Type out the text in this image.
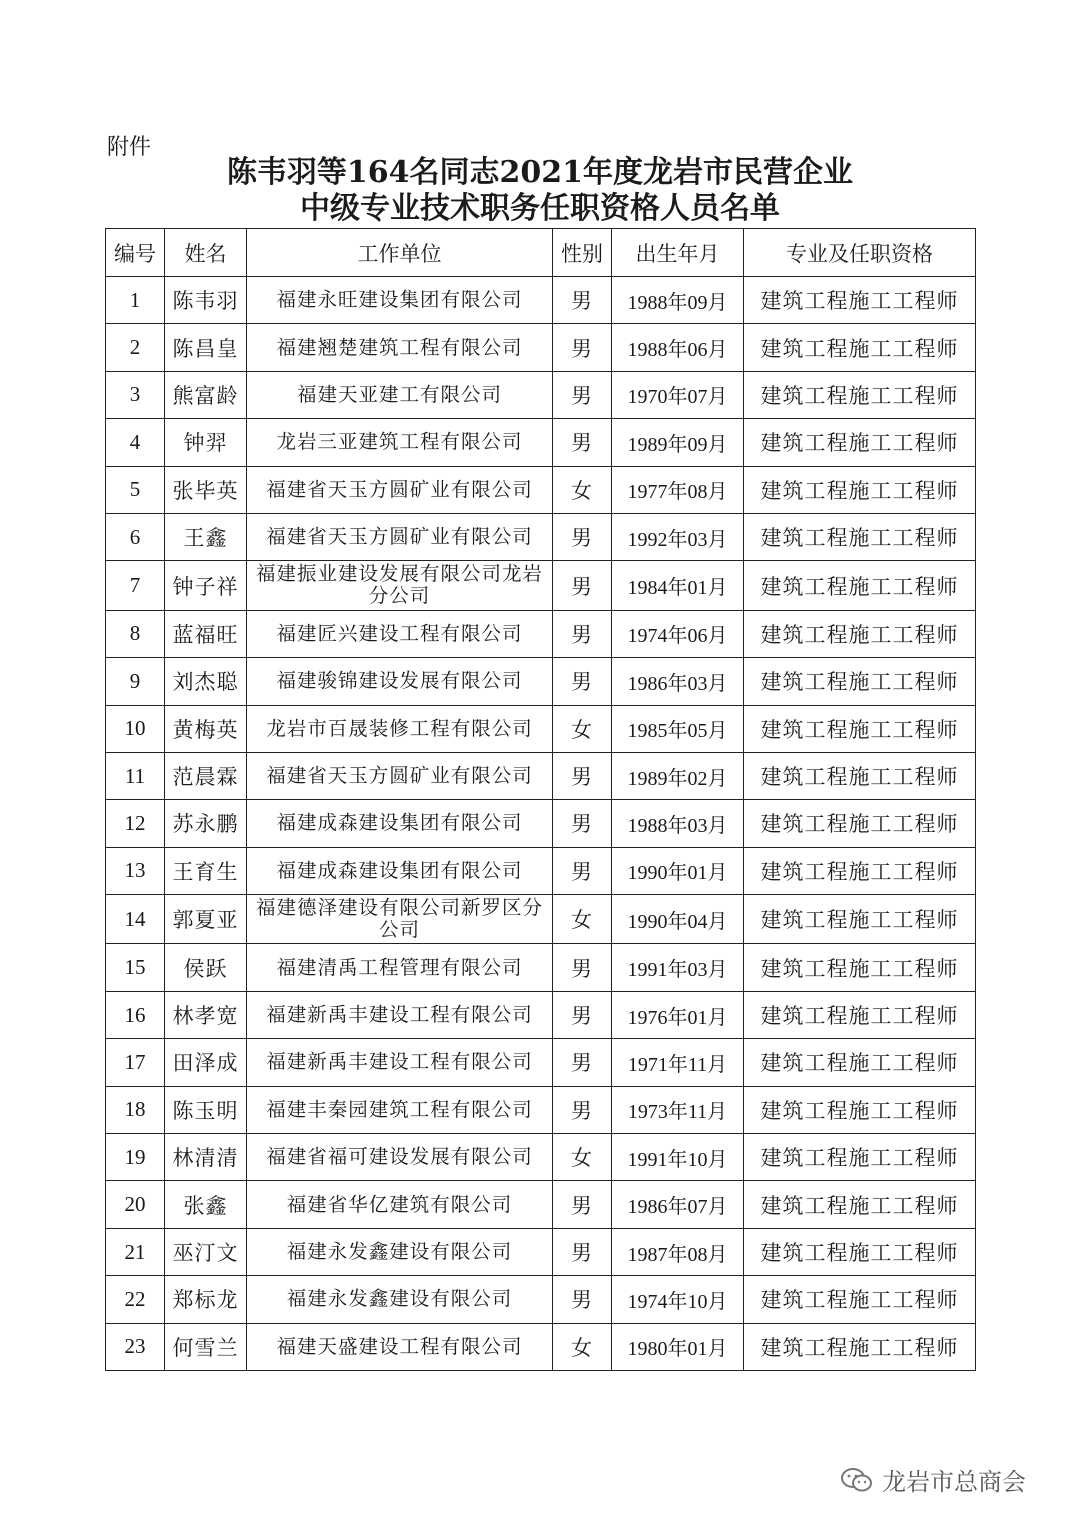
附件
陈韦羽等164名同志2021年度龙岩市民营企业
中级专业技术职务任职资格人员名单
编号	姓名	工作单位	性别	出生年月	专业及任职资格
1	陈韦羽	福建永旺建设集团有限公司	男	1988年09月	建筑工程施工工程师
2	陈昌皇	福建翘楚建筑工程有限公司	男	1988年06月	建筑工程施工工程师
3	熊富龄	福建天亚建工有限公司	男	1970年07月	建筑工程施工工程师
4	钟羿	龙岩三亚建筑工程有限公司	男	1989年09月	建筑工程施工工程师
5	张毕英	福建省天玉方圆矿业有限公司	女	1977年08月	建筑工程施工工程师
6	王鑫	福建省天玉方圆矿业有限公司	男	1992年03月	建筑工程施工工程师
7	钟子祥	福建振业建设发展有限公司龙岩分公司	男	1984年01月	建筑工程施工工程师
8	蓝福旺	福建匠兴建设工程有限公司	男	1974年06月	建筑工程施工工程师
9	刘杰聪	福建骏锦建设发展有限公司	男	1986年03月	建筑工程施工工程师
10	黄梅英	龙岩市百晟装修工程有限公司	女	1985年05月	建筑工程施工工程师
11	范晨霖	福建省天玉方圆矿业有限公司	男	1989年02月	建筑工程施工工程师
12	苏永鹏	福建成森建设集团有限公司	男	1988年03月	建筑工程施工工程师
13	王育生	福建成森建设集团有限公司	男	1990年01月	建筑工程施工工程师
14	郭夏亚	福建德泽建设有限公司新罗区分公司	女	1990年04月	建筑工程施工工程师
15	侯跃	福建清禹工程管理有限公司	男	1991年03月	建筑工程施工工程师
16	林孝宽	福建新禹丰建设工程有限公司	男	1976年01月	建筑工程施工工程师
17	田泽成	福建新禹丰建设工程有限公司	男	1971年11月	建筑工程施工工程师
18	陈玉明	福建丰秦园建筑工程有限公司	男	1973年11月	建筑工程施工工程师
19	林清清	福建省福可建设发展有限公司	女	1991年10月	建筑工程施工工程师
20	张鑫	福建省华亿建筑有限公司	男	1986年07月	建筑工程施工工程师
21	巫汀文	福建永发鑫建设有限公司	男	1987年08月	建筑工程施工工程师
22	郑标龙	福建永发鑫建设有限公司	男	1974年10月	建筑工程施工工程师
23	何雪兰	福建天盛建设工程有限公司	女	1980年01月	建筑工程施工工程师
龙岩市总商会
